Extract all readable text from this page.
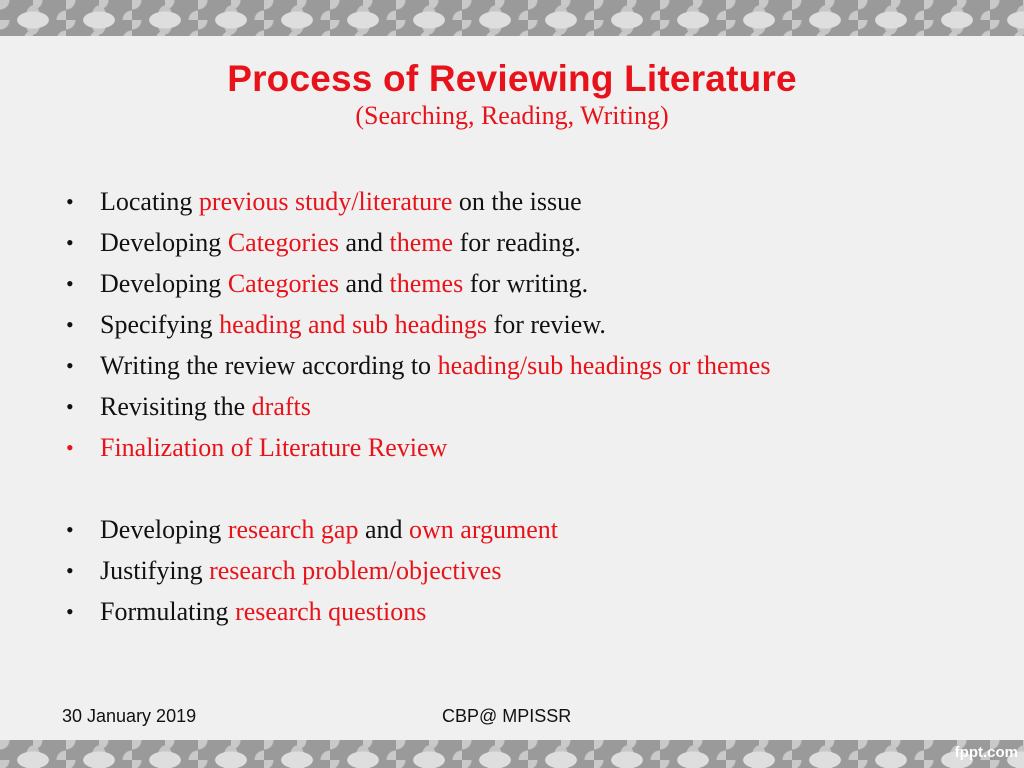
Process of Reviewing Literature
(Searching, Reading, Writing)
• Locating previous study/literature on the issue
• Developing Categories and theme for reading.
• Developing Categories and themes for writing.
• Specifying heading and sub headings for review.
• Writing the review according to heading/sub headings or themes
• Revisiting the drafts
• Finalization of Literature Review
• Developing research gap and own argument
• Justifying research problem/objectives
• Formulating research questions
30 January 2019	CBP@ MPISSR
fppt.com
